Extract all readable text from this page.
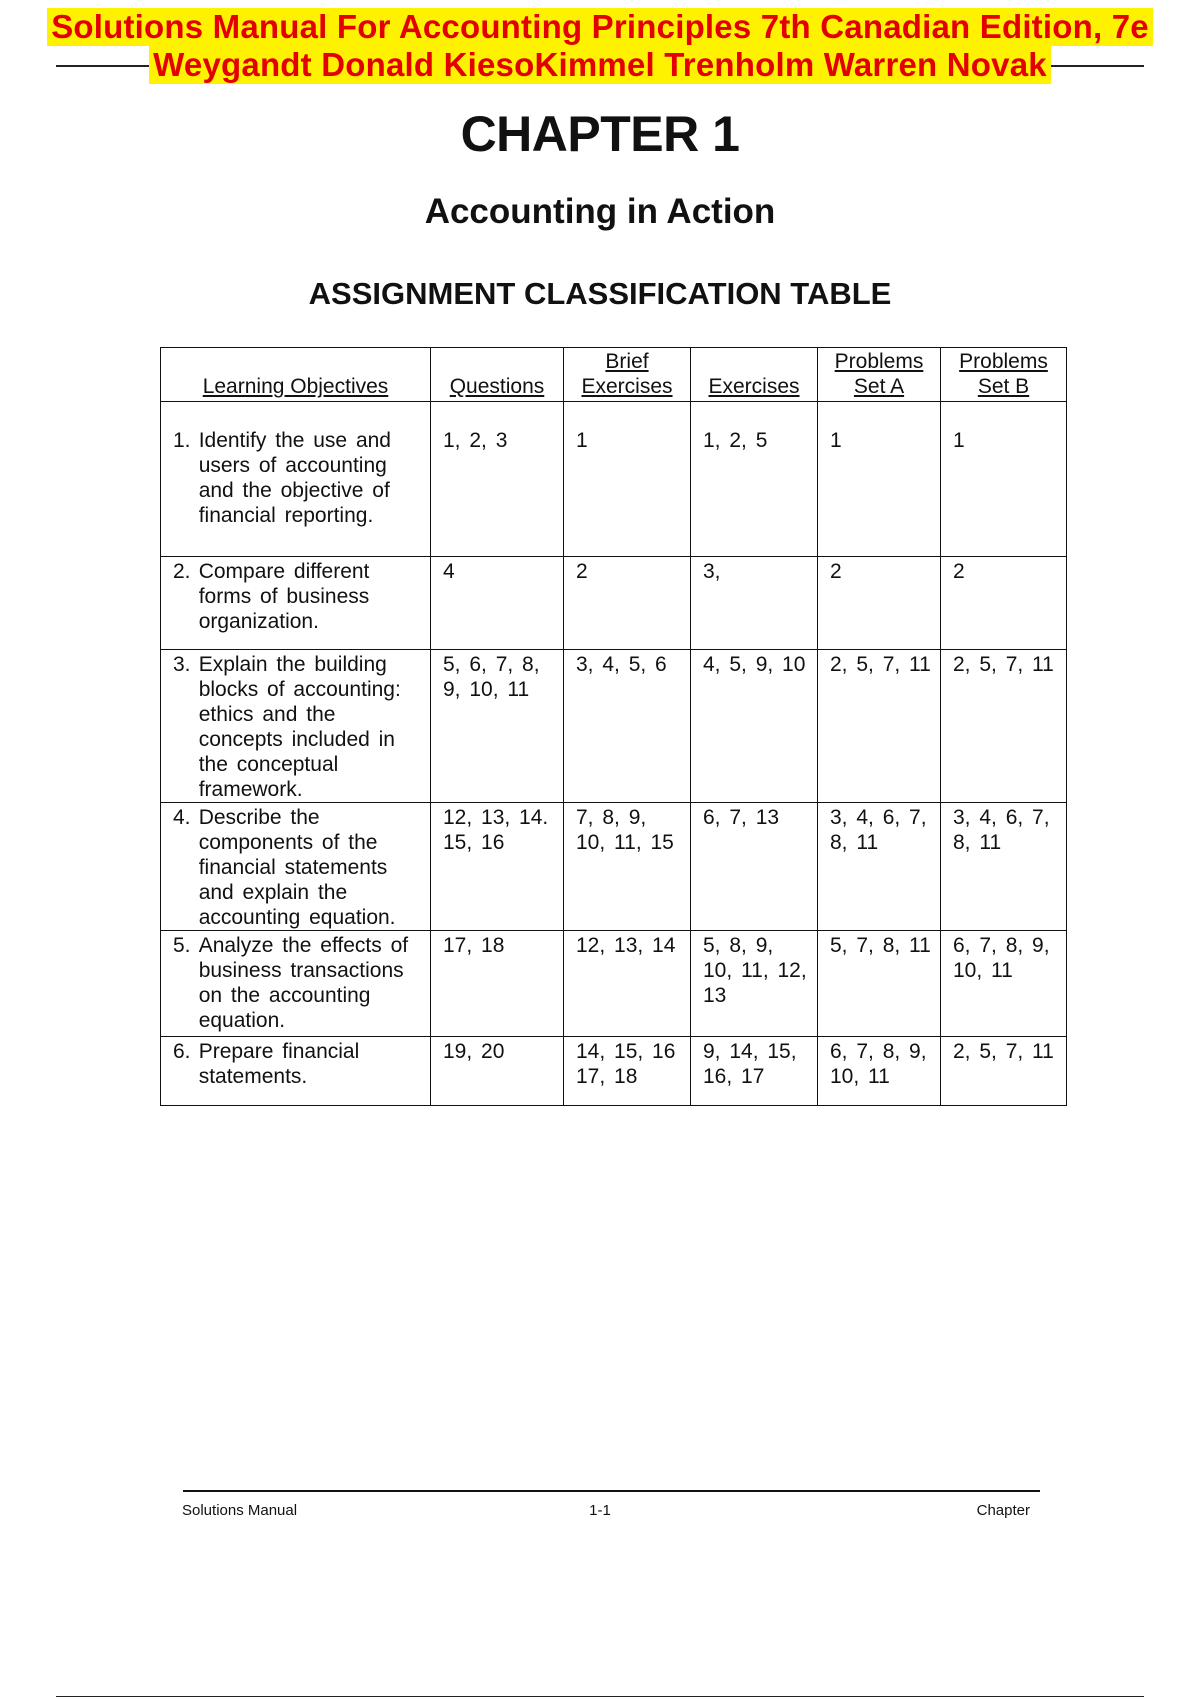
Solutions Manual For Accounting Principles 7th Canadian Edition, 7e
Weygandt Donald KiesoKimmel Trenholm Warren Novak
CHAPTER 1
Accounting in Action
ASSIGNMENT CLASSIFICATION TABLE
Learning Objectives	Questions	Brief Exercises	Exercises	Problems Set A	Problems Set B

1. Identify the use and users of accounting and the objective of financial reporting.	1, 2, 3	1	1, 2, 5	1	1

2. Compare different forms of business organization.	4	2	3,	2	2

3. Explain the building blocks of accounting: ethics and the concepts included in the conceptual framework.	5, 6, 7, 8, 9, 10, 11	3, 4, 5, 6	4, 5, 9, 10	2, 5, 7, 11	2, 5, 7, 11

4. Describe the components of the financial statements and explain the accounting equation.	12, 13, 14. 15, 16	7, 8, 9, 10, 11, 15	6, 7, 13	3, 4, 6, 7, 8, 11	3, 4, 6, 7, 8, 11

5. Analyze the effects of business transactions on the accounting equation.	17, 18	12, 13, 14	5, 8, 9, 10, 11, 12, 13	5, 7, 8, 11	6, 7, 8, 9, 10, 11

6. Prepare financial statements.	19, 20	14, 15, 16 17, 18	9, 14, 15, 16, 17	6, 7, 8, 9, 10, 11	2, 5, 7, 11
Solutions Manual	1-1	Chapter
